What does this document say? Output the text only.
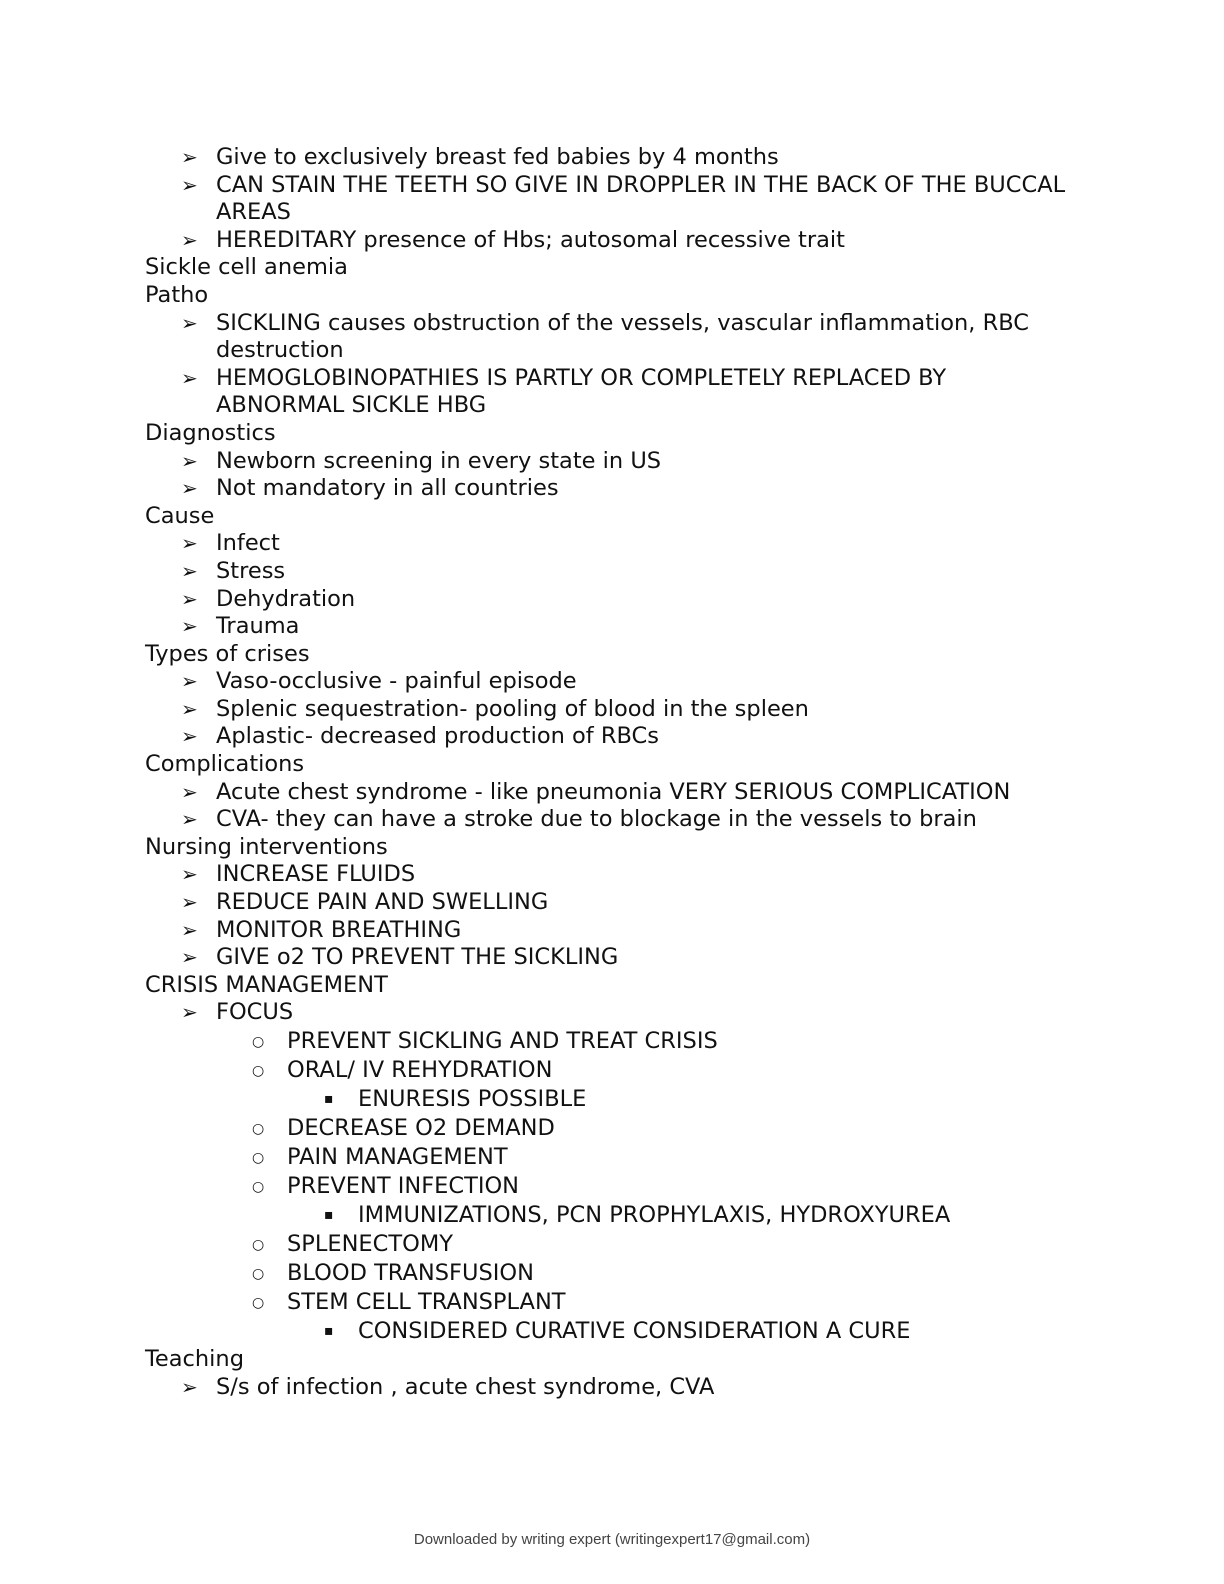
➢ Give to exclusively breast fed babies by 4 months
➢ CAN STAIN THE TEETH SO GIVE IN DROPPLER IN THE BACK OF THE BUCCAL AREAS
➢ HEREDITARY presence of Hbs; autosomal recessive trait
Sickle cell anemia
Patho
➢ SICKLING causes obstruction of the vessels, vascular inflammation, RBC destruction
➢ HEMOGLOBINOPATHIES IS PARTLY OR COMPLETELY REPLACED BY ABNORMAL SICKLE HBG
Diagnostics
➢ Newborn screening in every state in US
➢ Not mandatory in all countries
Cause
➢ Infect
➢ Stress
➢ Dehydration
➢ Trauma
Types of crises
➢ Vaso-occlusive - painful episode
➢ Splenic sequestration- pooling of blood in the spleen
➢ Aplastic- decreased production of RBCs
Complications
➢ Acute chest syndrome - like pneumonia VERY SERIOUS COMPLICATION
➢ CVA- they can have a stroke due to blockage in the vessels to brain
Nursing interventions
➢ INCREASE FLUIDS
➢ REDUCE PAIN AND SWELLING
➢ MONITOR BREATHING
➢ GIVE o2 TO PREVENT THE SICKLING
CRISIS MANAGEMENT
➢ FOCUS
○ PREVENT SICKLING AND TREAT CRISIS
○ ORAL/ IV REHYDRATION
▪ ENURESIS POSSIBLE
○ DECREASE O2 DEMAND
○ PAIN MANAGEMENT
○ PREVENT INFECTION
▪ IMMUNIZATIONS, PCN PROPHYLAXIS, HYDROXYUREA
○ SPLENECTOMY
○ BLOOD TRANSFUSION
○ STEM CELL TRANSPLANT
▪ CONSIDERED CURATIVE CONSIDERATION A CURE
Teaching
➢ S/s of infection , acute chest syndrome, CVA
Downloaded by writing expert (writingexpert17@gmail.com)
